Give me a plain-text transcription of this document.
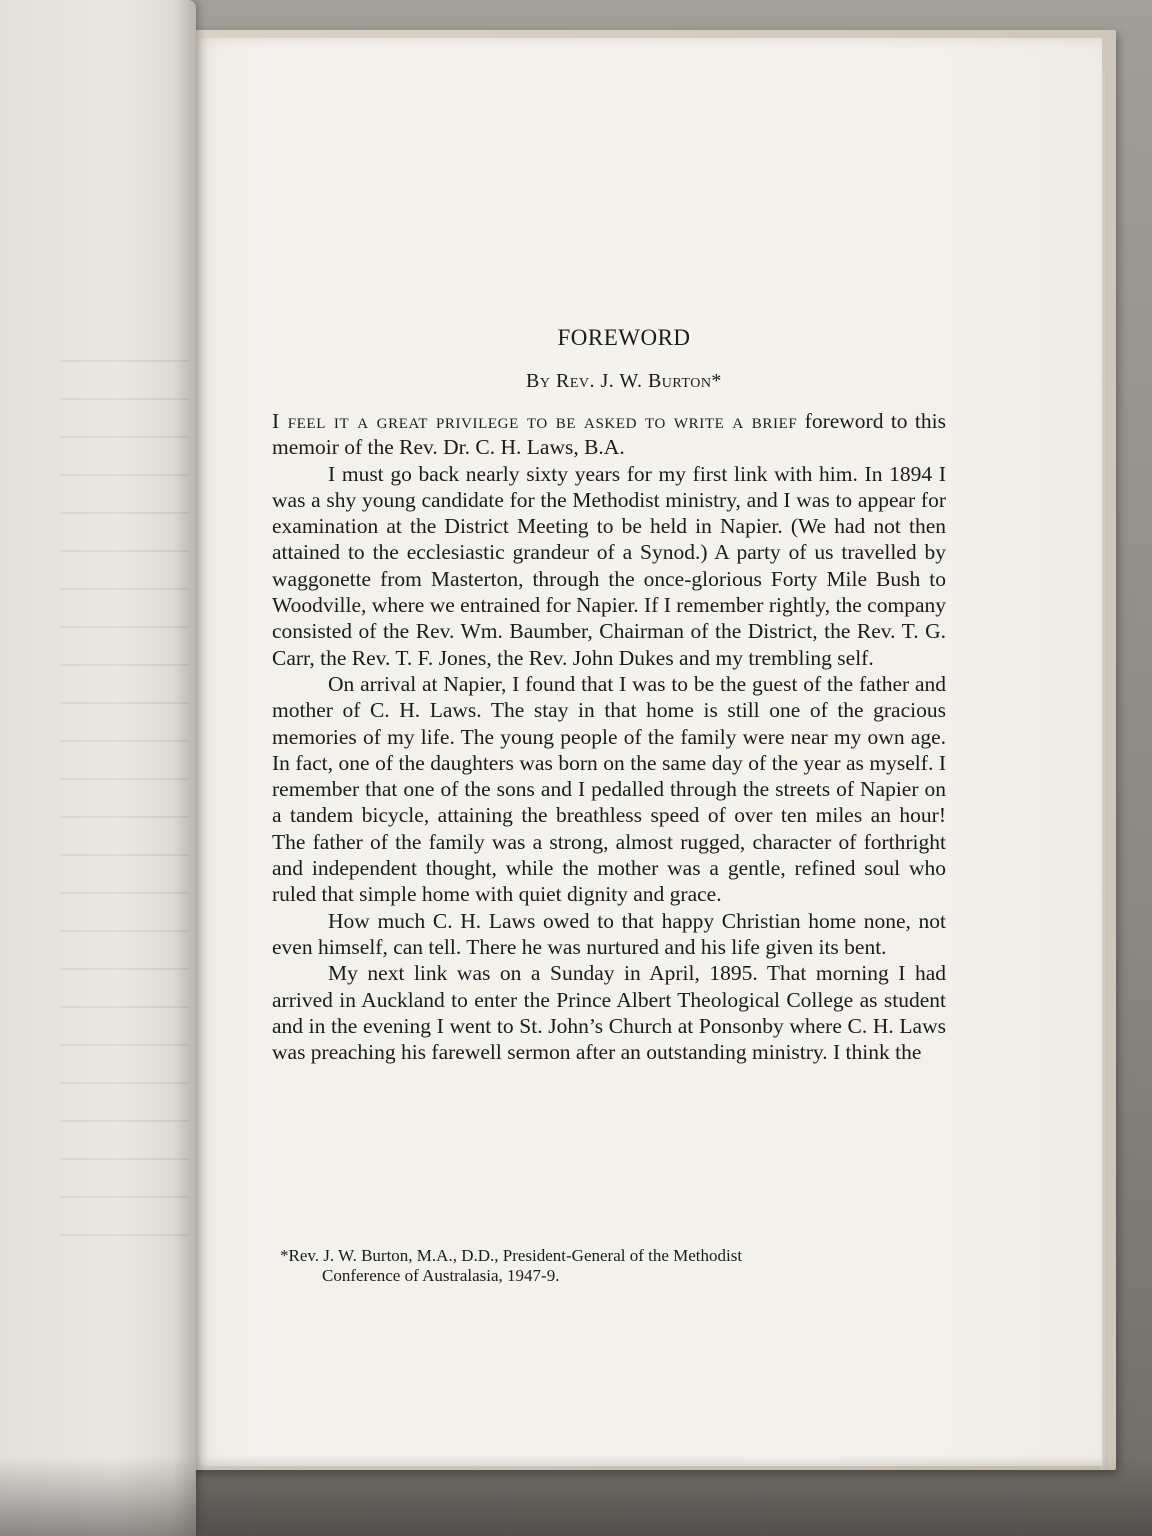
FOREWORD
By Rev. J. W. Burton*

I feel it a great privilege to be asked to write a brief foreword to this memoir of the Rev. Dr. C. H. Laws, B.A.

I must go back nearly sixty years for my first link with him. In 1894 I was a shy young candidate for the Methodist ministry, and I was to appear for examination at the District Meeting to be held in Napier. (We had not then attained to the ecclesiastic grandeur of a Synod.) A party of us travelled by waggonette from Masterton, through the once-glorious Forty Mile Bush to Woodville, where we entrained for Napier. If I remember rightly, the company consisted of the Rev. Wm. Baumber, Chairman of the District, the Rev. T. G. Carr, the Rev. T. F. Jones, the Rev. John Dukes and my trembling self.

On arrival at Napier, I found that I was to be the guest of the father and mother of C. H. Laws. The stay in that home is still one of the gracious memories of my life. The young people of the family were near my own age. In fact, one of the daughters was born on the same day of the year as myself. I remember that one of the sons and I pedalled through the streets of Napier on a tandem bicycle, attaining the breathless speed of over ten miles an hour! The father of the family was a strong, almost rugged, character of forthright and independent thought, while the mother was a gentle, refined soul who ruled that simple home with quiet dignity and grace.

How much C. H. Laws owed to that happy Christian home none, not even himself, can tell. There he was nurtured and his life given its bent.

My next link was on a Sunday in April, 1895. That morning I had arrived in Auckland to enter the Prince Albert Theological College as student and in the evening I went to St. John’s Church at Ponsonby where C. H. Laws was preaching his farewell sermon after an outstanding ministry. I think the

*Rev. J. W. Burton, M.A., D.D., President-General of the Methodist
Conference of Australasia, 1947-9.
